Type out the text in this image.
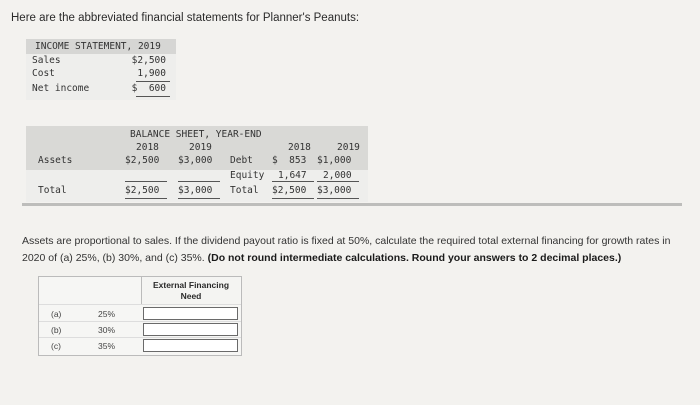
Here are the abbreviated financial statements for Planner's Peanuts:
INCOME STATEMENT, 2019
Sales	$2,500
Cost	1,900
Net income	$  600
BALANCE SHEET, YEAR-END
2018	2019	2018	2019
Assets	$2,500 $3,000 Debt $  853 $1,000
Equity 1,647 2,000
Total	$2,500 $3,000 Total $2,500 $3,000
Assets are proportional to sales. If the dividend payout ratio is fixed at 50%, calculate the required total external financing for growth rates in 2020 of (a) 25%, (b) 30%, and (c) 35%. (Do not round intermediate calculations. Round your answers to 2 decimal places.)
External Financing
Need
(a)	25%
(b)	30%
(c)	35%
